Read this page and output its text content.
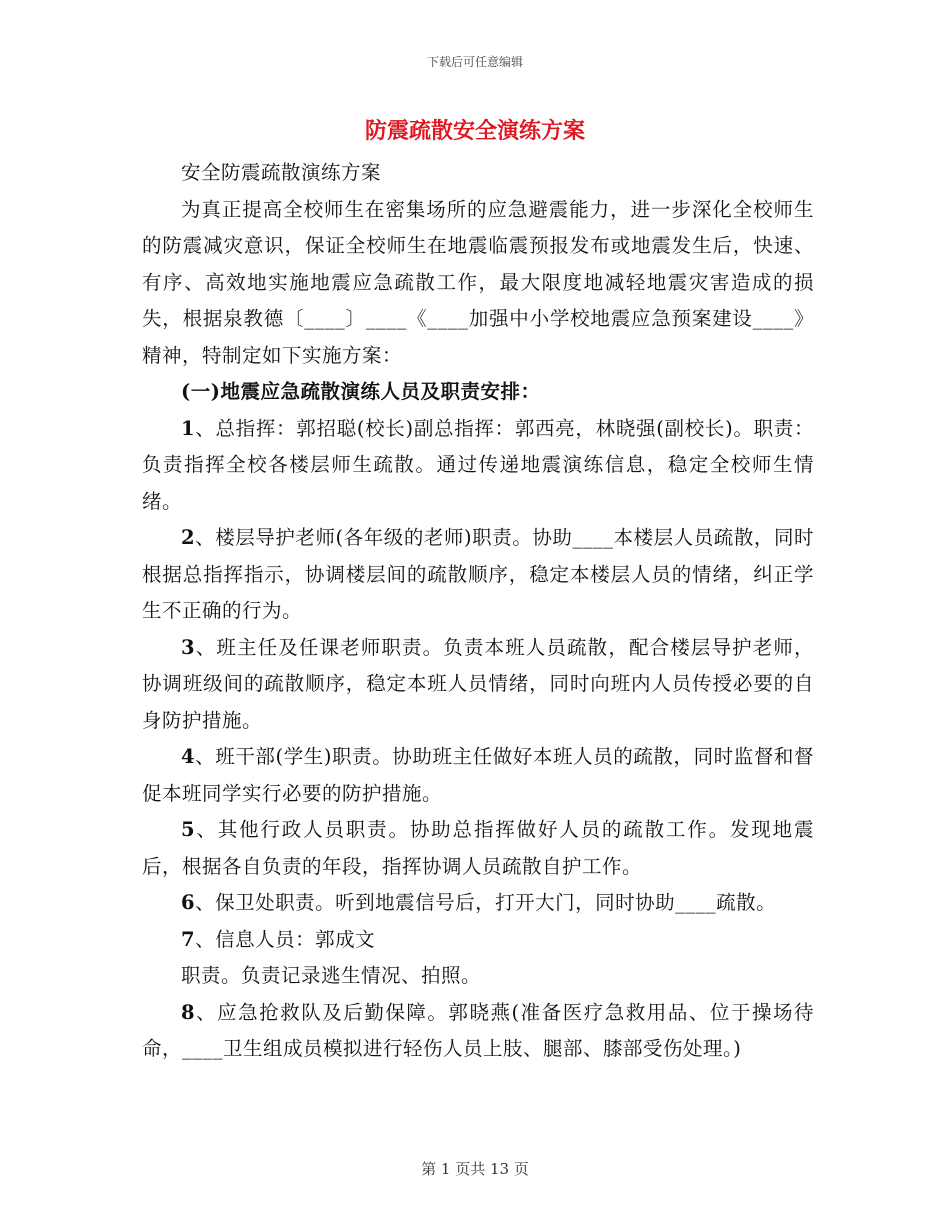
下载后可任意编辑
防震疏散安全演练方案

安全防震疏散演练方案

为真正提高全校师生在密集场所的应急避震能力，进一步深化全校师生的防震减灾意识，保证全校师生在地震临震预报发布或地震发生后，快速、有序、高效地实施地震应急疏散工作，最大限度地减轻地震灾害造成的损失，根据泉教德〔____〕____《____加强中小学校地震应急预案建设____》精神，特制定如下实施方案：

(一)地震应急疏散演练人员及职责安排：

1、总指挥：郭招聪(校长)副总指挥：郭西亮，林晓强(副校长)。职责：负责指挥全校各楼层师生疏散。通过传递地震演练信息，稳定全校师生情绪。

2、楼层导护老师(各年级的老师)职责。协助____本楼层人员疏散，同时根据总指挥指示，协调楼层间的疏散顺序，稳定本楼层人员的情绪，纠正学生不正确的行为。

3、班主任及任课老师职责。负责本班人员疏散，配合楼层导护老师，协调班级间的疏散顺序，稳定本班人员情绪，同时向班内人员传授必要的自身防护措施。

4、班干部(学生)职责。协助班主任做好本班人员的疏散，同时监督和督促本班同学实行必要的防护措施。

5、其他行政人员职责。协助总指挥做好人员的疏散工作。发现地震后，根据各自负责的年段，指挥协调人员疏散自护工作。

6、保卫处职责。听到地震信号后，打开大门，同时协助____疏散。

7、信息人员：郭成文

职责。负责记录逃生情况、拍照。

8、应急抢救队及后勤保障。郭晓燕(准备医疗急救用品、位于操场待命，____卫生组成员模拟进行轻伤人员上肢、腿部、膝部受伤处理。)

第 1 页共 13 页
